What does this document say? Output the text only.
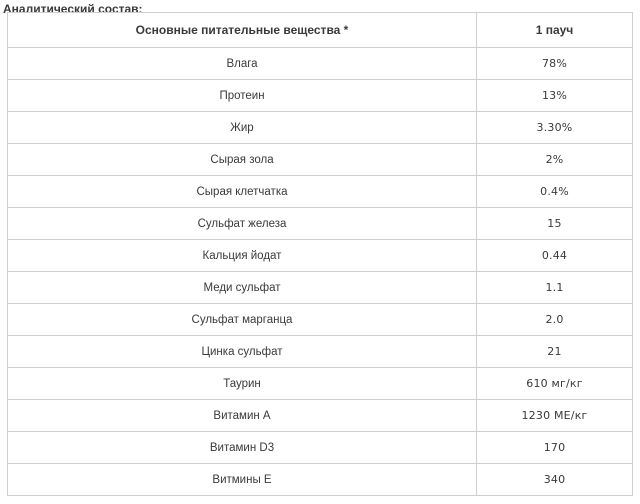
Аналитический состав:
Основные питательные вещества *	1 пауч
Влага	78%
Протеин	13%
Жир	3.30%
Сырая зола	2%
Сырая клетчатка	0.4%
Сульфат железа	15
Кальция йодат	0.44
Меди сульфат	1.1
Сульфат марганца	2.0
Цинка сульфат	21
Таурин	610 мг/кг
Витамин A	1230 МЕ/кг
Витамин D3	170
Витмины Е	340
